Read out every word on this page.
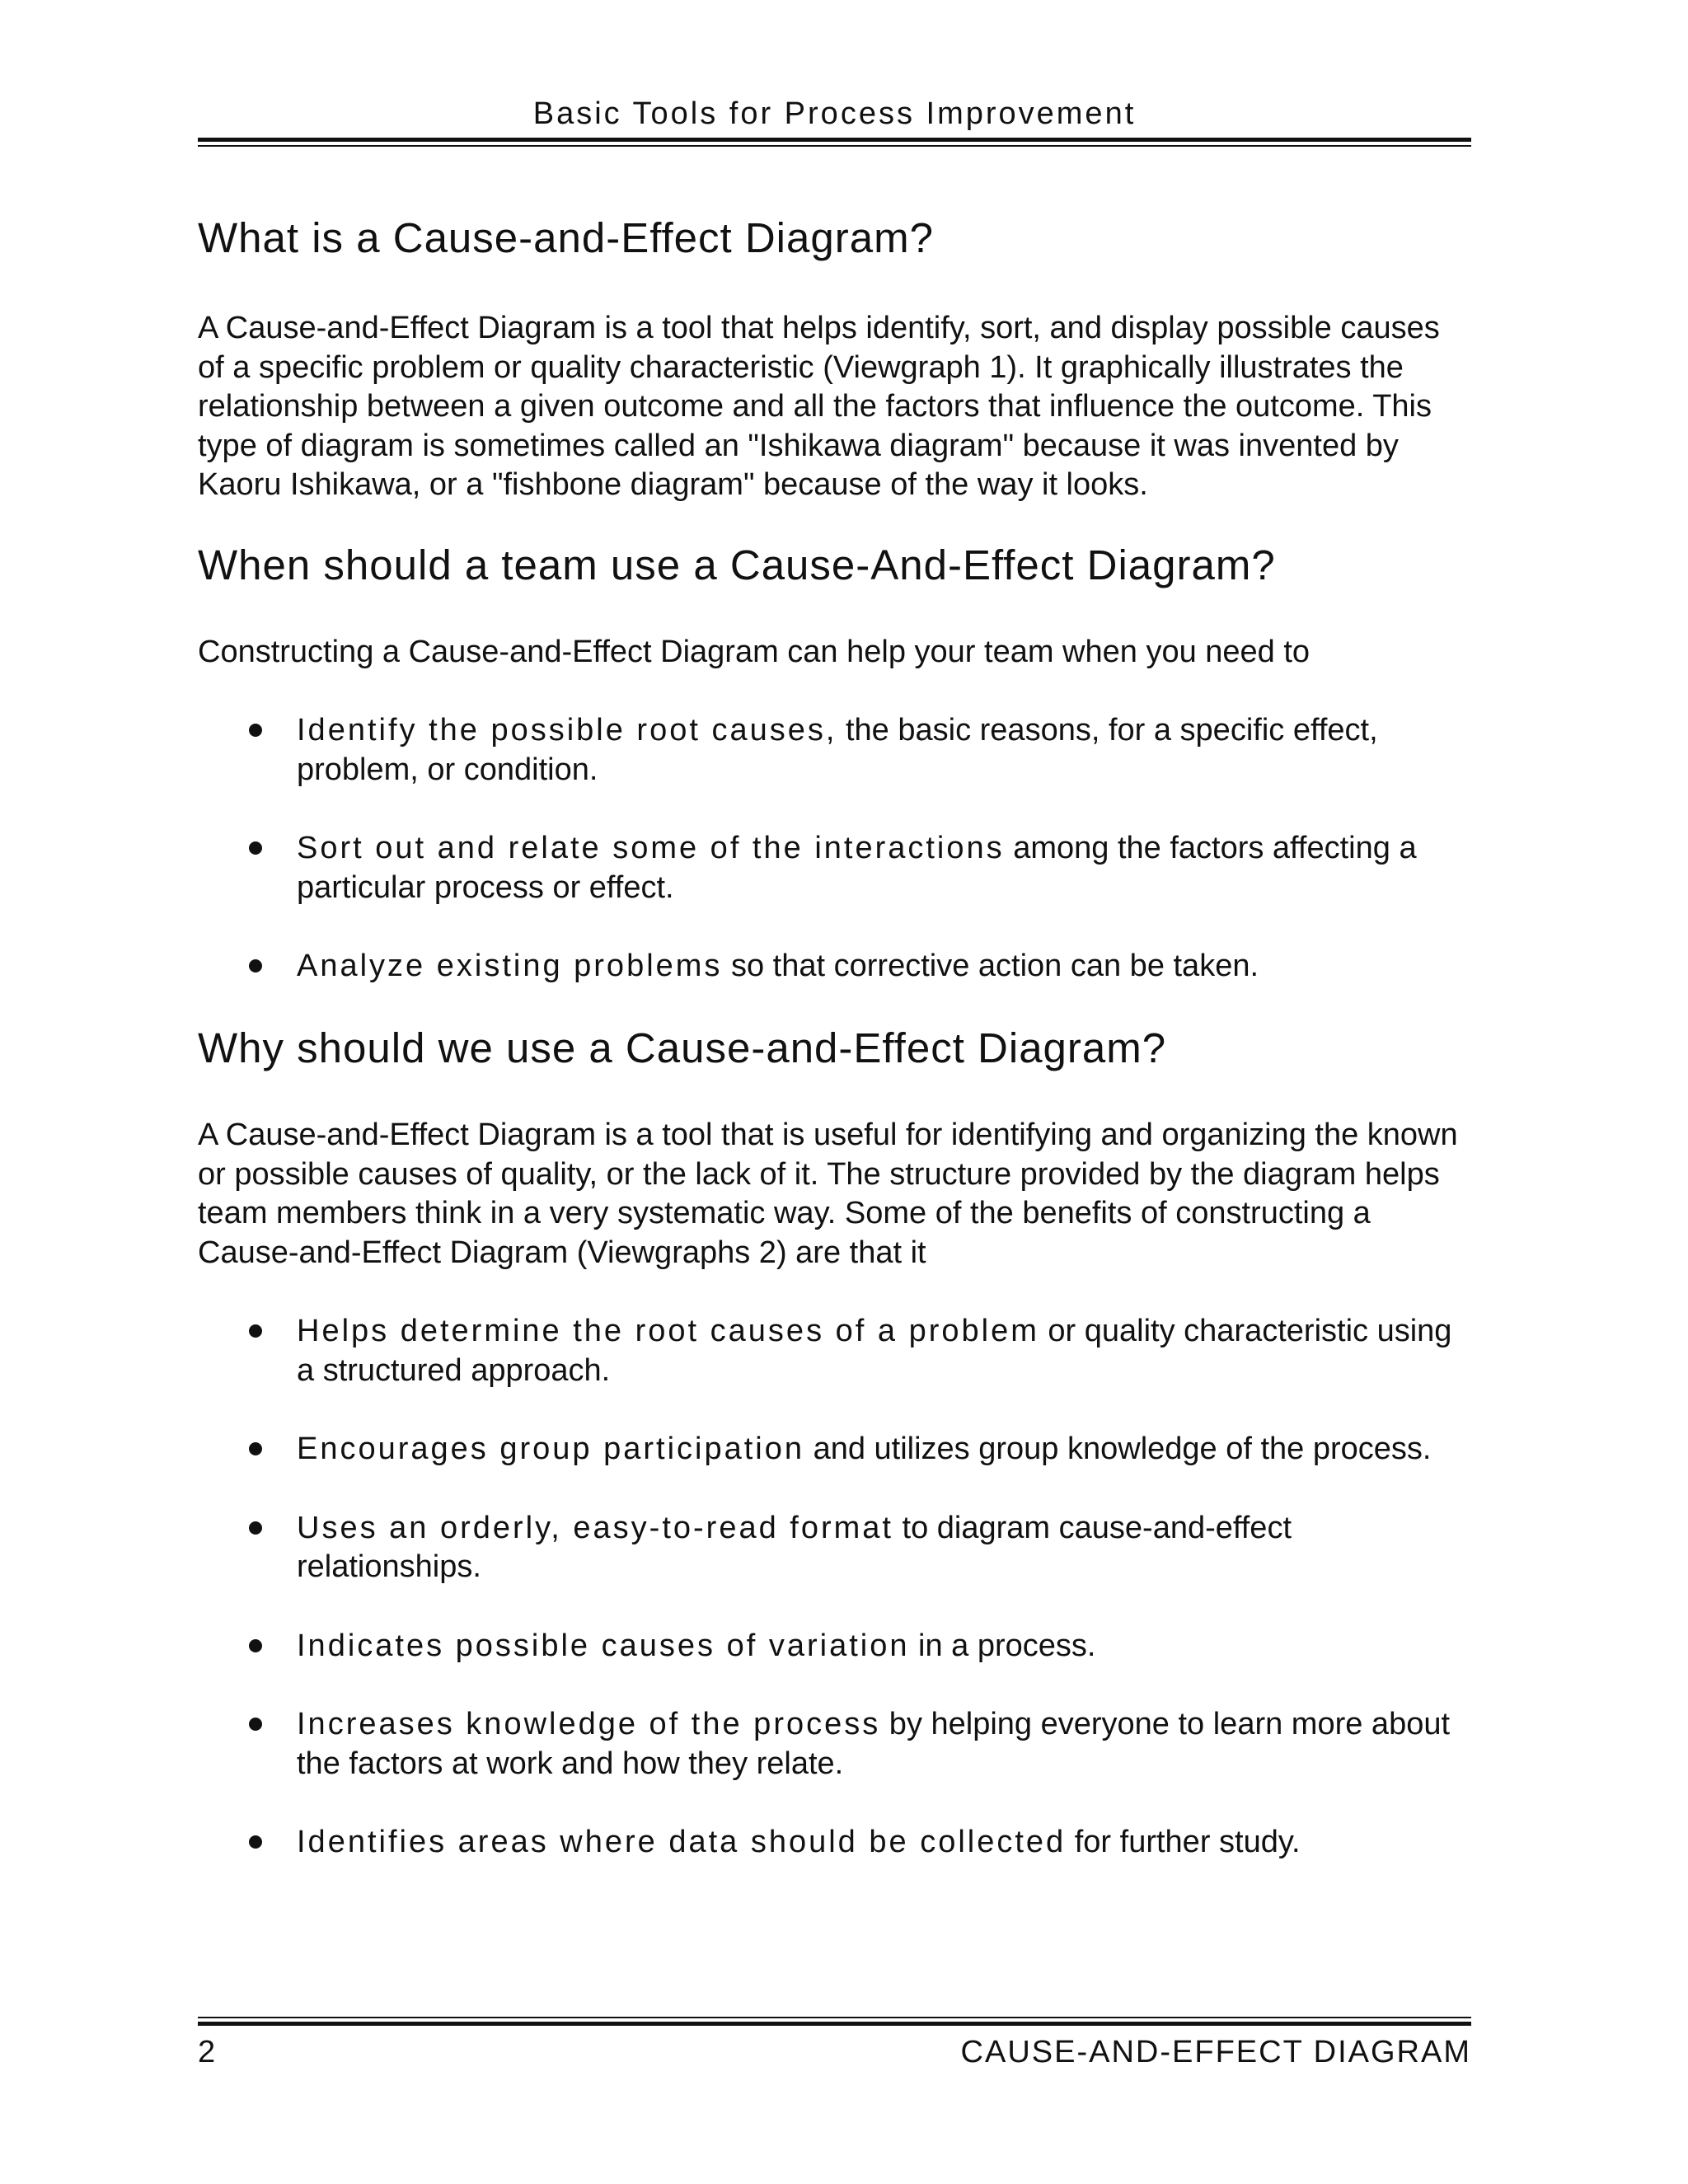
Basic Tools for Process Improvement
What is a Cause-and-Effect Diagram?

A Cause-and-Effect Diagram is a tool that helps identify, sort, and display possible causes of a specific problem or quality characteristic (Viewgraph 1). It graphically illustrates the relationship between a given outcome and all the factors that influence the outcome. This type of diagram is sometimes called an "Ishikawa diagram" because it was invented by Kaoru Ishikawa, or a "fishbone diagram" because of the way it looks.

When should a team use a Cause-And-Effect Diagram?

Constructing a Cause-and-Effect Diagram can help your team when you need to

Identify the possible root causes, the basic reasons, for a specific effect, problem, or condition.
Sort out and relate some of the interactions among the factors affecting a particular process or effect.
Analyze existing problems so that corrective action can be taken.
Why should we use a Cause-and-Effect Diagram?

A Cause-and-Effect Diagram is a tool that is useful for identifying and organizing the known or possible causes of quality, or the lack of it. The structure provided by the diagram helps team members think in a very systematic way. Some of the benefits of constructing a Cause-and-Effect Diagram (Viewgraphs 2) are that it

Helps determine the root causes of a problem or quality characteristic using a structured approach.
Encourages group participation and utilizes group knowledge of the process.
Uses an orderly, easy-to-read format to diagram cause-and-effect relationships.
Indicates possible causes of variation in a process.
Increases knowledge of the process by helping everyone to learn more about the factors at work and how they relate.
Identifies areas where data should be collected for further study.
2	CAUSE-AND-EFFECT DIAGRAM
